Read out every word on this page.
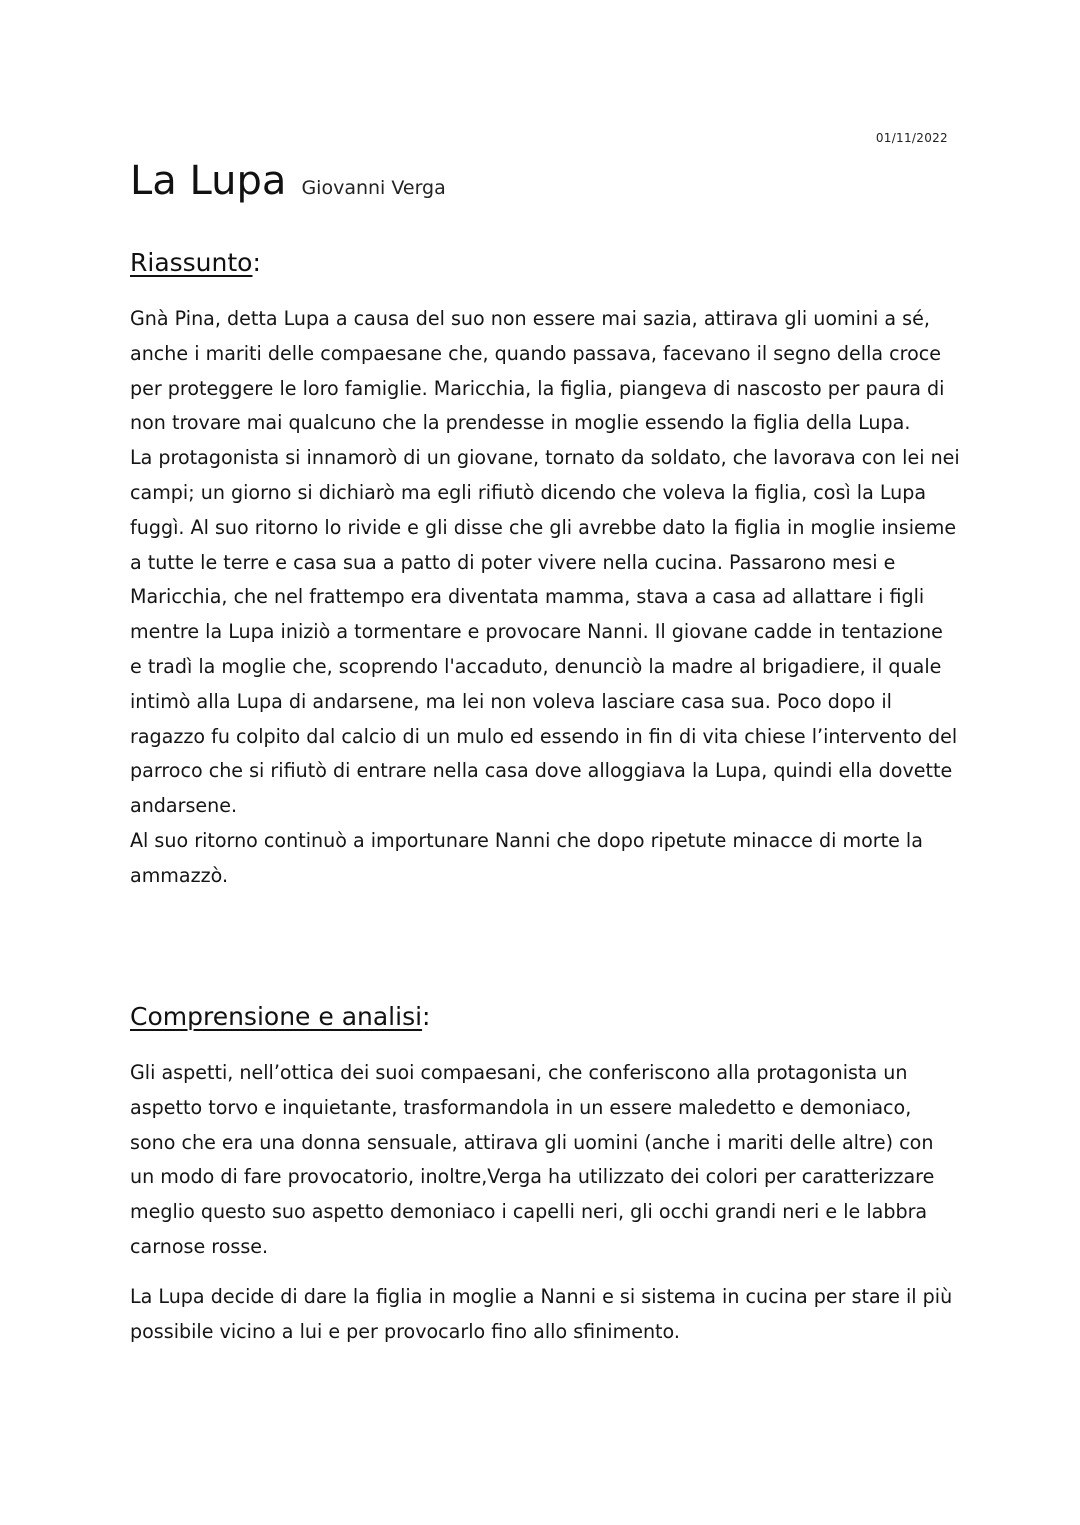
01/11/2022
La Lupa Giovanni Verga
Riassunto:

Gnà Pina, detta Lupa a causa del suo non essere mai sazia, attirava gli uomini a sé, anche i mariti delle compaesane che, quando passava, facevano il segno della croce per proteggere le loro famiglie. Maricchia, la figlia, piangeva di nascosto per paura di non trovare mai qualcuno che la prendesse in moglie essendo la figlia della Lupa.

La protagonista si innamorò di un giovane, tornato da soldato, che lavorava con lei nei campi; un giorno si dichiarò ma egli rifiutò dicendo che voleva la figlia, così la Lupa fuggì. Al suo ritorno lo rivide e gli disse che gli avrebbe dato la figlia in moglie insieme a tutte le terre e casa sua a patto di poter vivere nella cucina. Passarono mesi e Maricchia, che nel frattempo era diventata mamma, stava a casa ad allattare i figli mentre la Lupa iniziò a tormentare e provocare Nanni. Il giovane cadde in tentazione e tradì la moglie che, scoprendo l'accaduto, denunciò la madre al brigadiere, il quale intimò alla Lupa di andarsene, ma lei non voleva lasciare casa sua. Poco dopo il ragazzo fu colpito dal calcio di un mulo ed essendo in fin di vita chiese l’intervento del parroco che si rifiutò di entrare nella casa dove alloggiava la Lupa, quindi ella dovette andarsene.

Al suo ritorno continuò a importunare Nanni che dopo ripetute minacce di morte la ammazzò.

Comprensione e analisi:

Gli aspetti, nell’ottica dei suoi compaesani, che conferiscono alla protagonista un aspetto torvo e inquietante, trasformandola in un essere maledetto e demoniaco, sono che era una donna sensuale, attirava gli uomini (anche i mariti delle altre) con un modo di fare provocatorio, inoltre,Verga ha utilizzato dei colori per caratterizzare meglio questo suo aspetto demoniaco i capelli neri, gli occhi grandi neri e le labbra carnose rosse.

La Lupa decide di dare la figlia in moglie a Nanni e si sistema in cucina per stare il più possibile vicino a lui e per provocarlo fino allo sfinimento.
